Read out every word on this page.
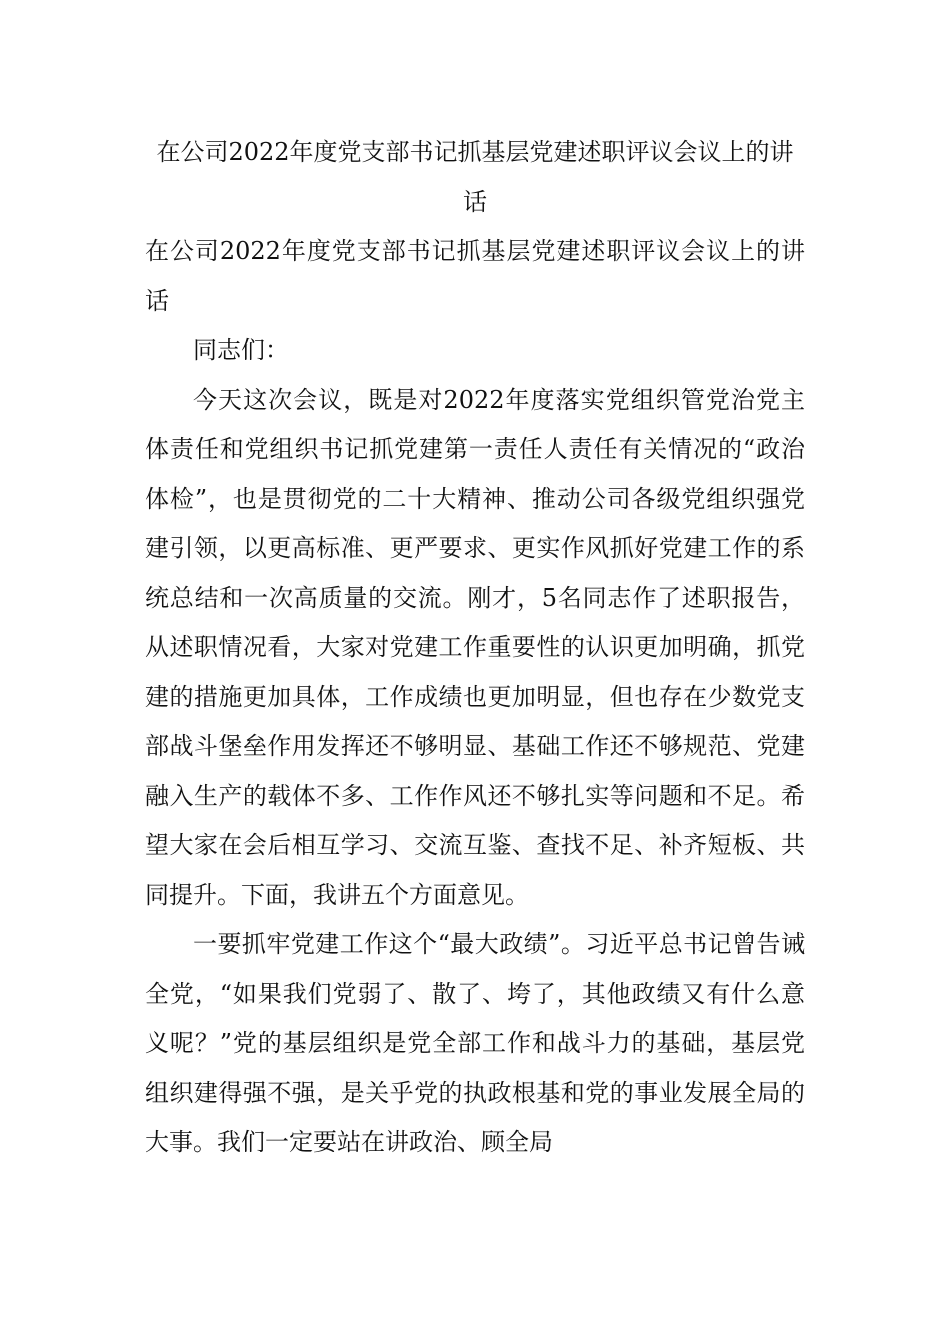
在公司2022年度党支部书记抓基层党建述职评议会议上的讲话

在公司2022年度党支部书记抓基层党建述职评议会议上的讲话

同志们：

今天这次会议，既是对2022年度落实党组织管党治党主体责任和党组织书记抓党建第一责任人责任有关情况的“政治体检”，也是贯彻党的二十大精神、推动公司各级党组织强党建引领，以更高标准、更严要求、更实作风抓好党建工作的系统总结和一次高质量的交流。刚才，5名同志作了述职报告，从述职情况看，大家对党建工作重要性的认识更加明确，抓党建的措施更加具体，工作成绩也更加明显，但也存在少数党支部战斗堡垒作用发挥还不够明显、基础工作还不够规范、党建融入生产的载体不多、工作作风还不够扎实等问题和不足。希望大家在会后相互学习、交流互鉴、查找不足、补齐短板、共同提升。下面，我讲五个方面意见。

一要抓牢党建工作这个“最大政绩”。习近平总书记曾告诫全党，“如果我们党弱了、散了、垮了，其他政绩又有什么意义呢？”党的基层组织是党全部工作和战斗力的基础，基层党组织建得强不强，是关乎党的执政根基和党的事业发展全局的大事。我们一定要站在讲政治、顾全局
